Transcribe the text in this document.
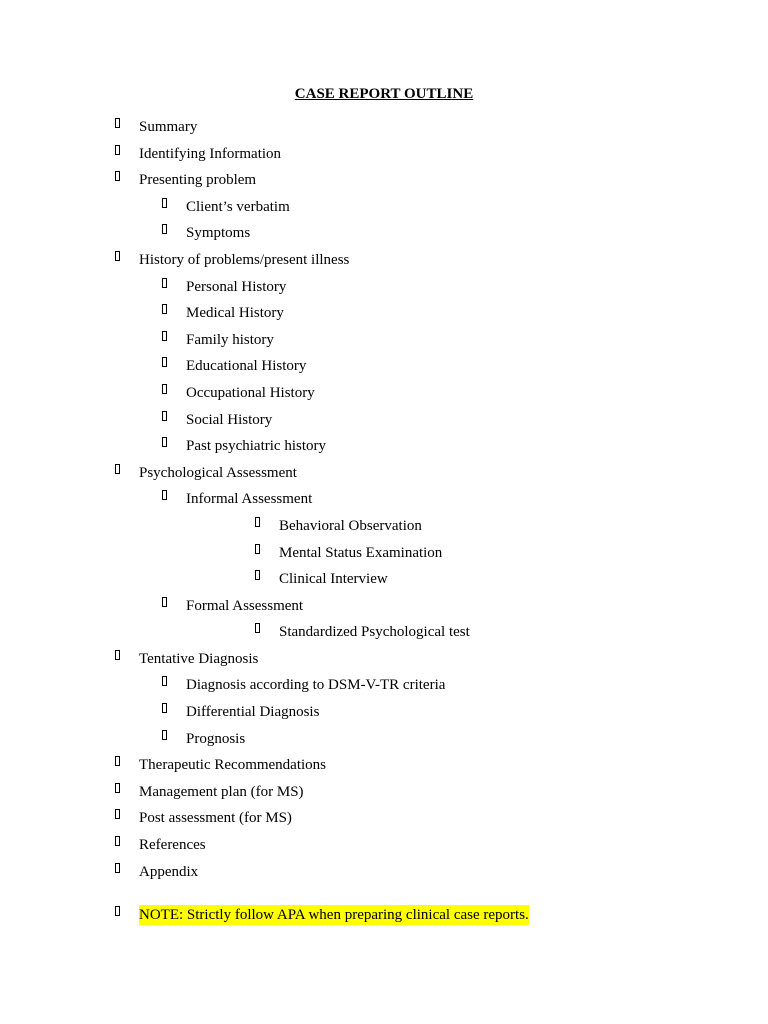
CASE REPORT OUTLINE
Summary
Identifying Information
Presenting problem
Client’s verbatim
Symptoms
History of problems/present illness
Personal History
Medical History
Family history
Educational History
Occupational History
Social History
Past psychiatric history
Psychological Assessment
Informal Assessment
Behavioral Observation
Mental Status Examination
Clinical Interview
Formal Assessment
Standardized Psychological test
Tentative Diagnosis
Diagnosis according to DSM-V-TR criteria
Differential Diagnosis
Prognosis
Therapeutic Recommendations
Management plan (for MS)
Post assessment (for MS)
References
Appendix
NOTE: Strictly follow APA when preparing clinical case reports.
